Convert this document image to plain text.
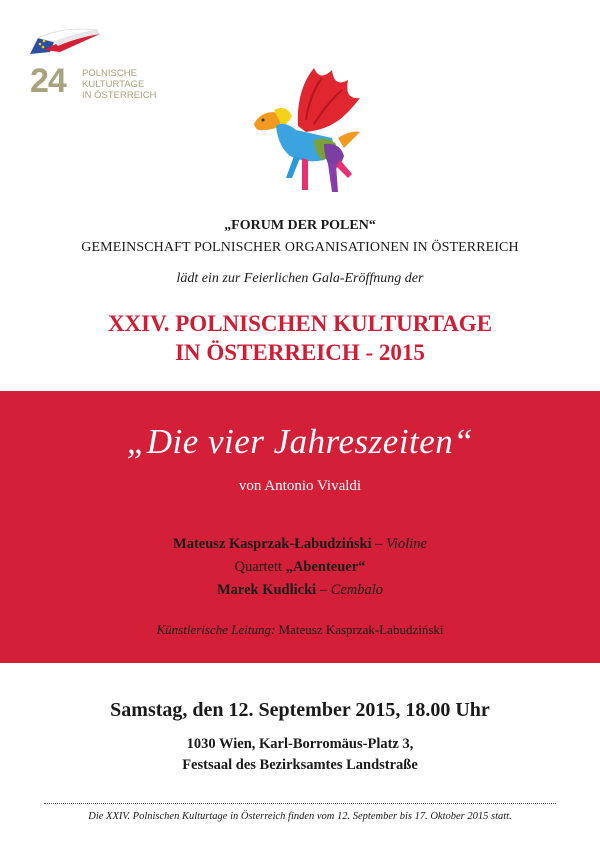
24 POLNISCHE
KULTURTAGE
IN ÖSTERREICH
„FORUM DER POLEN“
GEMEINSCHAFT POLNISCHER ORGANISATIONEN IN ÖSTERREICH
lädt ein zur Feierlichen Gala-Eröffnung der
XXIV. POLNISCHEN KULTURTAGE
IN ÖSTERREICH - 2015
„Die vier Jahreszeiten“
von Antonio Vivaldi
Mateusz Kasprzak-Łabudziński – Violine
Quartett „Abenteuer“
Marek Kudlicki – Cembalo
Künstlerische Leitung: Mateusz Kasprzak-Łabudziński
Samstag, den 12. September 2015, 18.00 Uhr
1030 Wien, Karl-Borromäus-Platz 3,
Festsaal des Bezirksamtes Landstraße
Die XXIV. Polnischen Kulturtage in Österreich finden vom 12. September bis 17. Oktober 2015 statt.
